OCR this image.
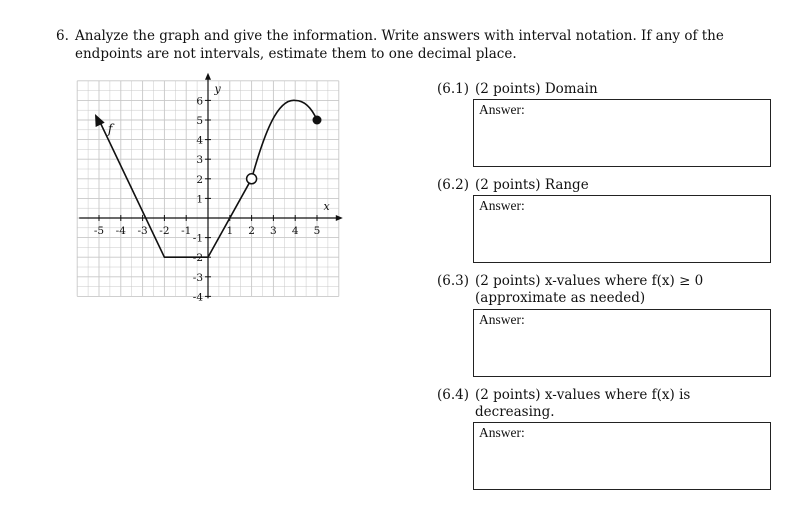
6. Analyze the graph and give the information. Write answers with interval notation. If any of the
endpoints are not intervals, estimate them to one decimal place.
-5 -4 -3 -2 -1	1 2 3 4 5
6
5
4
3
2
1
-1
-2
-3
-4
f
x
y	(6.1) (2 points) Domain
Answer:
(6.2) (2 points) Range
Answer:
(6.3) (2 points) x-values where f(x) ≥ 0 (approximate as needed)
Answer:
(6.4) (2 points) x-values where f(x) is decreasing.
Answer:
